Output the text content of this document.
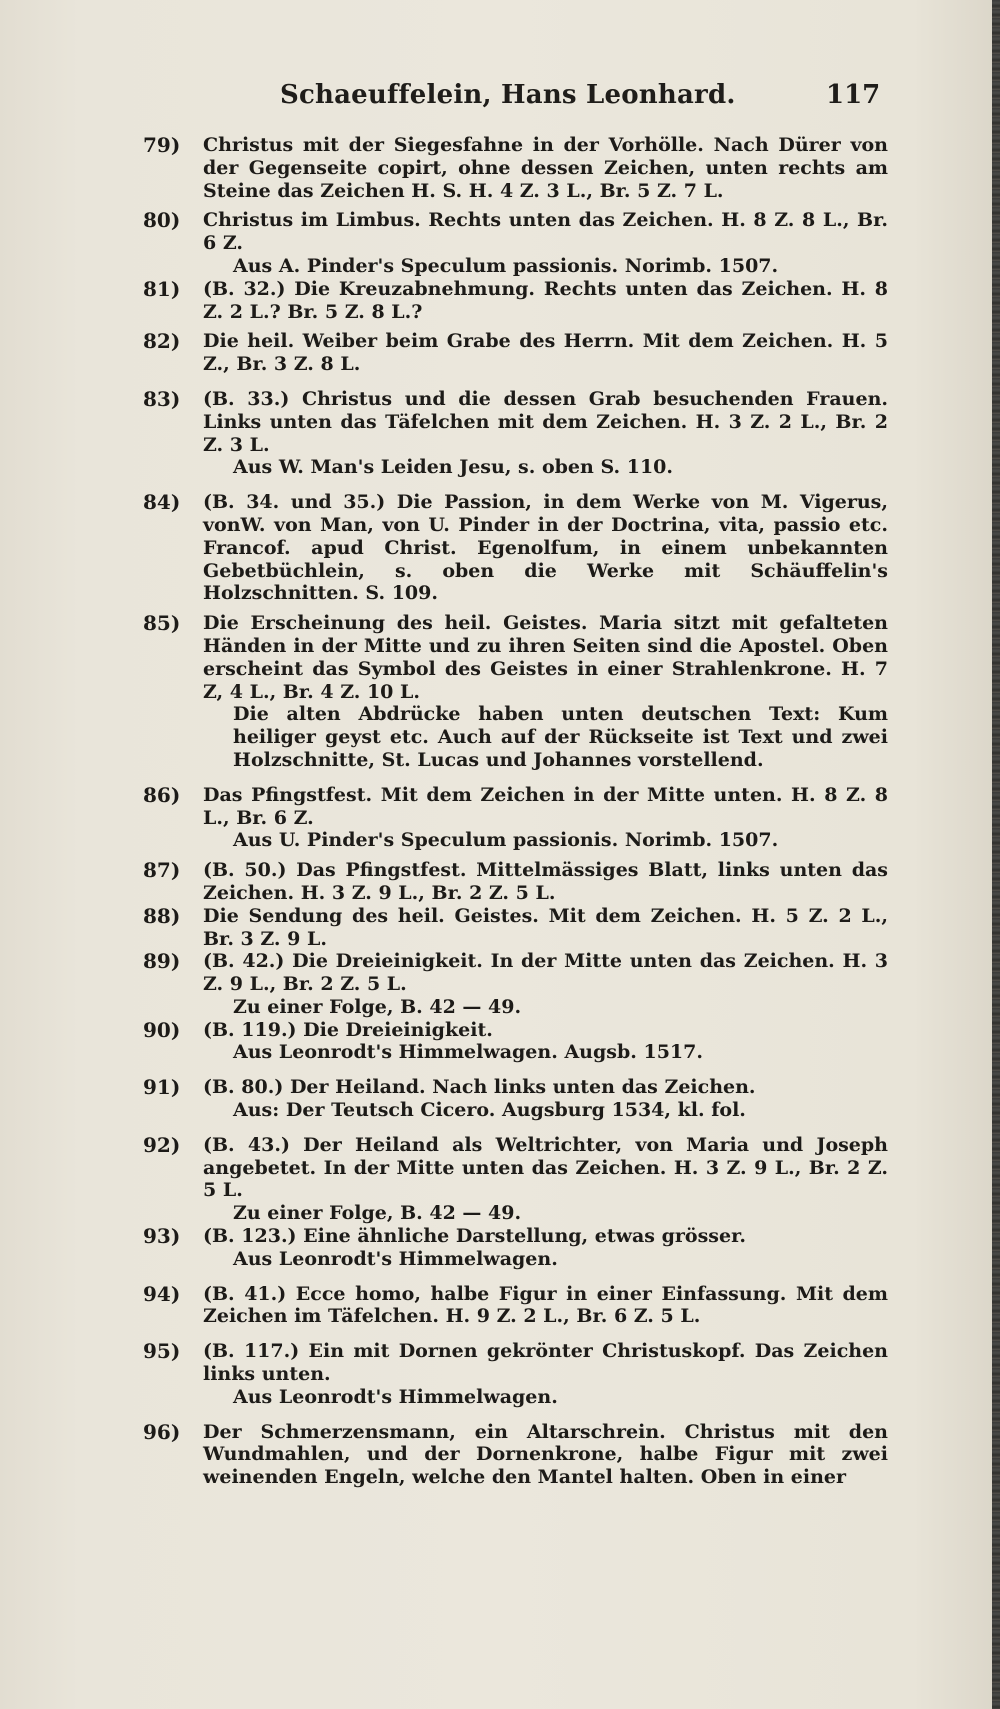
Schaeuffelein, Hans Leonhard.	117
79)	Christus mit der Siegesfahne in der Vorhölle. Nach Dürer von der Gegenseite copirt, ohne dessen Zeichen, unten rechts am Steine das Zeichen H. S. H. 4 Z. 3 L., Br. 5 Z. 7 L.
80)	Christus im Limbus. Rechts unten das Zeichen. H. 8 Z. 8 L., Br. 6 Z.
Aus A. Pinder's Speculum passionis. Norimb. 1507.
81)	(B. 32.) Die Kreuzabnehmung. Rechts unten das Zeichen. H. 8 Z. 2 L.? Br. 5 Z. 8 L.?
82)	Die heil. Weiber beim Grabe des Herrn. Mit dem Zeichen. H. 5 Z., Br. 3 Z. 8 L.
83)	(B. 33.) Christus und die dessen Grab besuchenden Frauen. Links unten das Täfelchen mit dem Zeichen. H. 3 Z. 2 L., Br. 2 Z. 3 L.
Aus W. Man's Leiden Jesu, s. oben S. 110.
84)	(B. 34. und 35.) Die Passion, in dem Werke von M. Vigerus, vonW. von Man, von U. Pinder in der Doctrina, vita, passio etc. Francof. apud Christ. Egenolfum, in einem unbekannten Gebetbüchlein, s. oben die Werke mit Schäuffelin's Holzschnitten. S. 109.
85)	Die Erscheinung des heil. Geistes. Maria sitzt mit gefalteten Händen in der Mitte und zu ihren Seiten sind die Apostel. Oben erscheint das Symbol des Geistes in einer Strahlenkrone. H. 7 Z, 4 L., Br. 4 Z. 10 L.
Die alten Abdrücke haben unten deutschen Text: Kum heiliger geyst etc. Auch auf der Rückseite ist Text und zwei Holzschnitte, St. Lucas und Johannes vorstellend.
86)	Das Pfingstfest. Mit dem Zeichen in der Mitte unten. H. 8 Z. 8 L., Br. 6 Z.
Aus U. Pinder's Speculum passionis. Norimb. 1507.
87)	(B. 50.) Das Pfingstfest. Mittelmässiges Blatt, links unten das Zeichen. H. 3 Z. 9 L., Br. 2 Z. 5 L.
88)	Die Sendung des heil. Geistes. Mit dem Zeichen. H. 5 Z. 2 L., Br. 3 Z. 9 L.
89)	(B. 42.) Die Dreieinigkeit. In der Mitte unten das Zeichen. H. 3 Z. 9 L., Br. 2 Z. 5 L.
Zu einer Folge, B. 42 — 49.
90)	(B. 119.) Die Dreieinigkeit.
Aus Leonrodt's Himmelwagen. Augsb. 1517.
91)	(B. 80.) Der Heiland. Nach links unten das Zeichen.
Aus: Der Teutsch Cicero. Augsburg 1534, kl. fol.
92)	(B. 43.) Der Heiland als Weltrichter, von Maria und Joseph angebetet. In der Mitte unten das Zeichen. H. 3 Z. 9 L., Br. 2 Z. 5 L.
Zu einer Folge, B. 42 — 49.
93)	(B. 123.) Eine ähnliche Darstellung, etwas grösser.
Aus Leonrodt's Himmelwagen.
94)	(B. 41.) Ecce homo, halbe Figur in einer Einfassung. Mit dem Zeichen im Täfelchen. H. 9 Z. 2 L., Br. 6 Z. 5 L.
95)	(B. 117.) Ein mit Dornen gekrönter Christuskopf. Das Zeichen links unten.
Aus Leonrodt's Himmelwagen.
96)	Der Schmerzensmann, ein Altarschrein. Christus mit den Wundmahlen, und der Dornenkrone, halbe Figur mit zwei weinenden Engeln, welche den Mantel halten. Oben in einer
